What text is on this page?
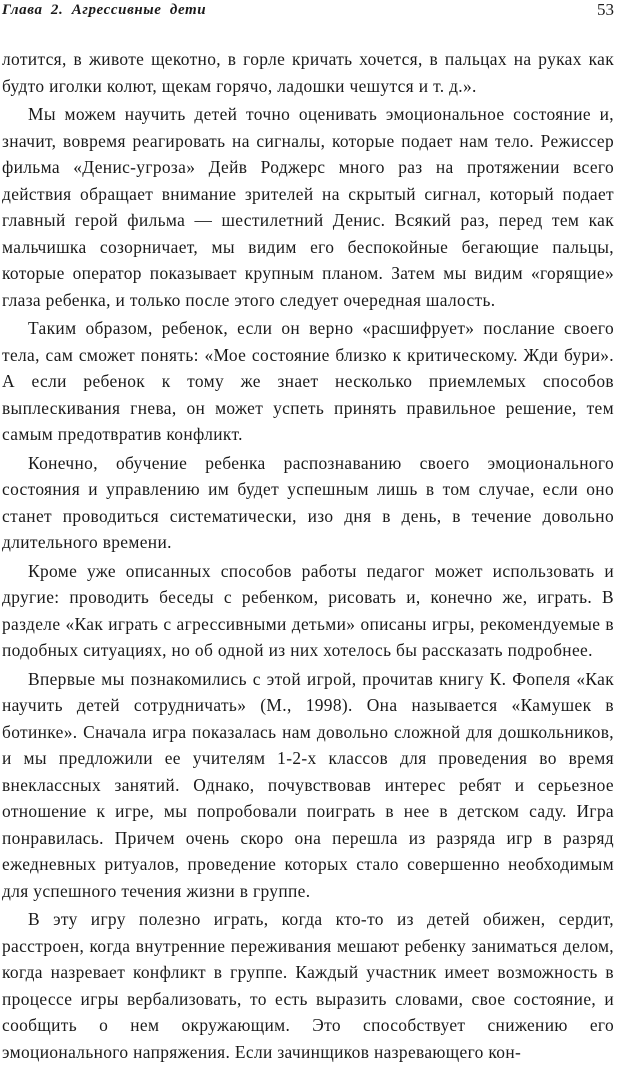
Глава 2. Агрессивные дети	53

лотится, в животе щекотно, в горле кричать хочется, в пальцах на руках как будто иголки колют, щекам горячо, ладошки чешутся и т. д.».

Мы можем научить детей точно оценивать эмоциональное состояние и, значит, вовремя реагировать на сигналы, которые подает нам тело. Режиссер фильма «Денис-угроза» Дейв Роджерс много раз на протяжении всего действия обращает внимание зрителей на скрытый сигнал, который подает главный герой фильма — шестилетний Денис. Всякий раз, перед тем как мальчишка созорничает, мы видим его беспокойные бегающие пальцы, которые оператор показывает крупным планом. Затем мы видим «горящие» глаза ребенка, и только после этого следует очередная шалость.

Таким образом, ребенок, если он верно «расшифрует» послание своего тела, сам сможет понять: «Мое состояние близко к критическому. Жди бури». А если ребенок к тому же знает несколько приемлемых способов выплескивания гнева, он может успеть принять правильное решение, тем самым предотвратив конфликт.

Конечно, обучение ребенка распознаванию своего эмоционального состояния и управлению им будет успешным лишь в том случае, если оно станет проводиться систематически, изо дня в день, в течение довольно длительного времени.

Кроме уже описанных способов работы педагог может использовать и другие: проводить беседы с ребенком, рисовать и, конечно же, играть. В разделе «Как играть с агрессивными детьми» описаны игры, рекомендуемые в подобных ситуациях, но об одной из них хотелось бы рассказать подробнее.

Впервые мы познакомились с этой игрой, прочитав книгу К. Фопеля «Как научить детей сотрудничать» (М., 1998). Она называется «Камушек в ботинке». Сначала игра показалась нам довольно сложной для дошкольников, и мы предложили ее учителям 1-2-х классов для проведения во время внеклассных занятий. Однако, почувствовав интерес ребят и серьезное отношение к игре, мы попробовали поиграть в нее в детском саду. Игра понравилась. Причем очень скоро она перешла из разряда игр в разряд ежедневных ритуалов, проведение которых стало совершенно необходимым для успешного течения жизни в группе.

В эту игру полезно играть, когда кто-то из детей обижен, сердит, расстроен, когда внутренние переживания мешают ребенку заниматься делом, когда назревает конфликт в группе. Каждый участник имеет возможность в процессе игры вербализовать, то есть выразить словами, свое состояние, и сообщить о нем окружающим. Это способствует снижению его эмоционального напряжения. Если зачинщиков назревающего кон-
